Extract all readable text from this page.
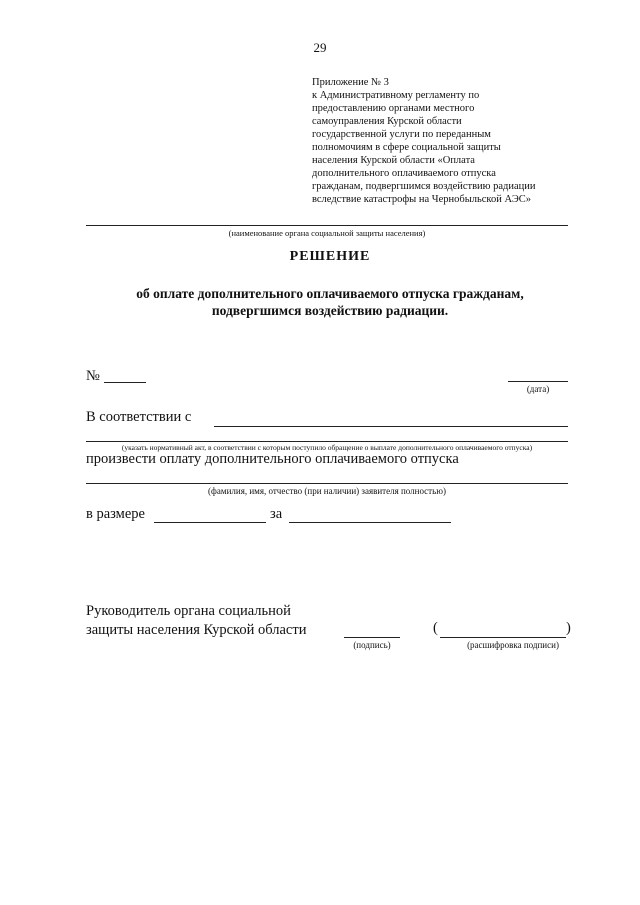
29
Приложение № 3
к Административному регламенту по
предоставлению органами местного
самоуправления Курской области
государственной услуги по переданным
полномочиям в сфере социальной защиты
населения Курской области «Оплата
дополнительного оплачиваемого отпуска
гражданам, подвергшимся воздействию радиации
вследствие катастрофы на Чернобыльской АЭС»
(наименование органа социальной защиты населения)
РЕШЕНИЕ
об оплате дополнительного оплачиваемого отпуска гражданам,
подвергшимся воздействию радиации.
№
(дата)
В соответствии с
(указать нормативный акт, в соответствии с которым поступило обращение о выплате дополнительного оплачиваемого отпуска)
произвести оплату дополнительного оплачиваемого отпуска
(фамилия, имя, отчество (при наличии) заявителя полностью)
в размере	за
Руководитель органа социальной
защиты населения Курской области
(подпись)
(	)
(расшифровка подписи)
